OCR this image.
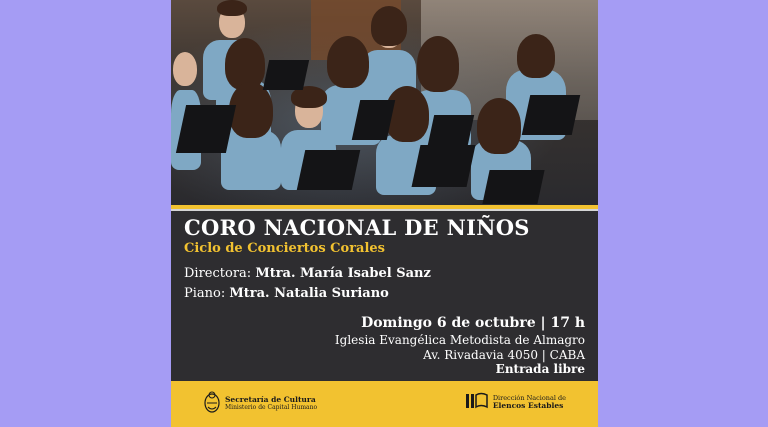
CORO NACIONAL DE NIÑOS
Ciclo de Conciertos Corales
Directora: Mtra. María Isabel Sanz
Piano: Mtra. Natalia Suriano
Domingo 6 de octubre | 17 h
Iglesia Evangélica Metodista de Almagro
Av. Rivadavia 4050 | CABA
Entrada libre
Secretaría de Cultura
Ministerio de Capital Humano
Dirección Nacional de
Elencos Estables
